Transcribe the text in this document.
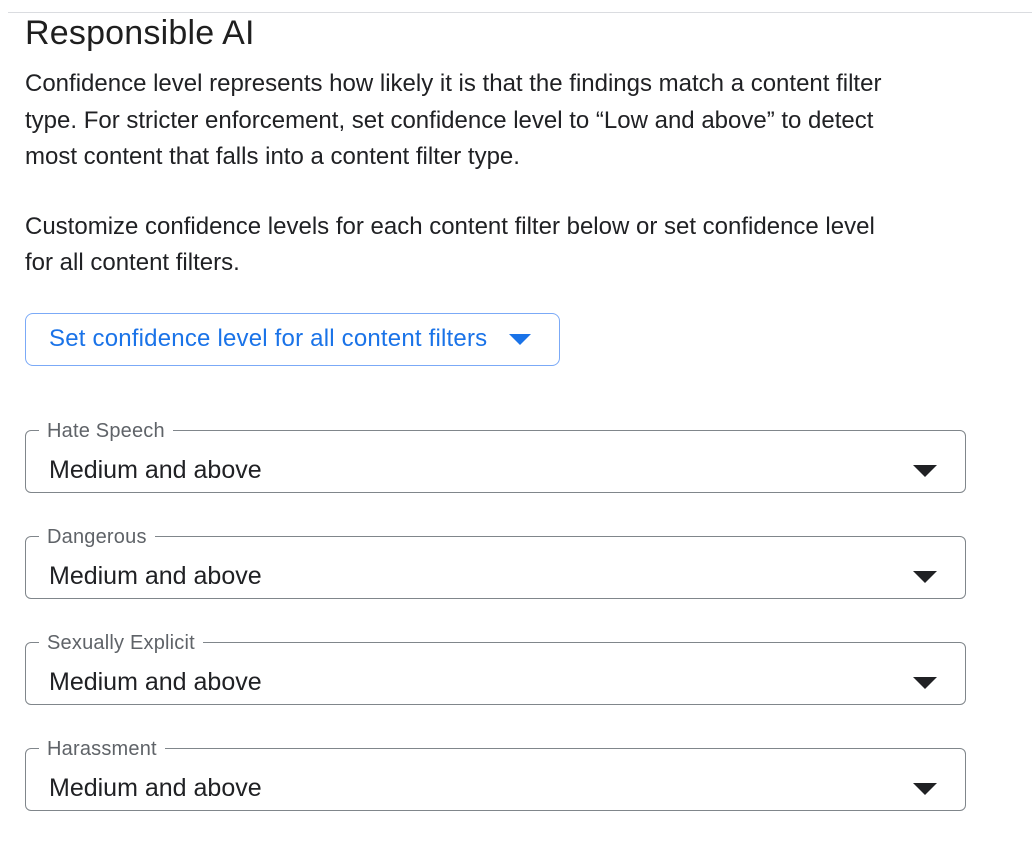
Responsible AI
Confidence level represents how likely it is that the findings match a content filter
type. For stricter enforcement, set confidence level to “Low and above” to detect
most content that falls into a content filter type.
Customize confidence levels for each content filter below or set confidence level
for all content filters.
Set confidence level for all content filters
Hate Speech
Medium and above
Dangerous
Medium and above
Sexually Explicit
Medium and above
Harassment
Medium and above
